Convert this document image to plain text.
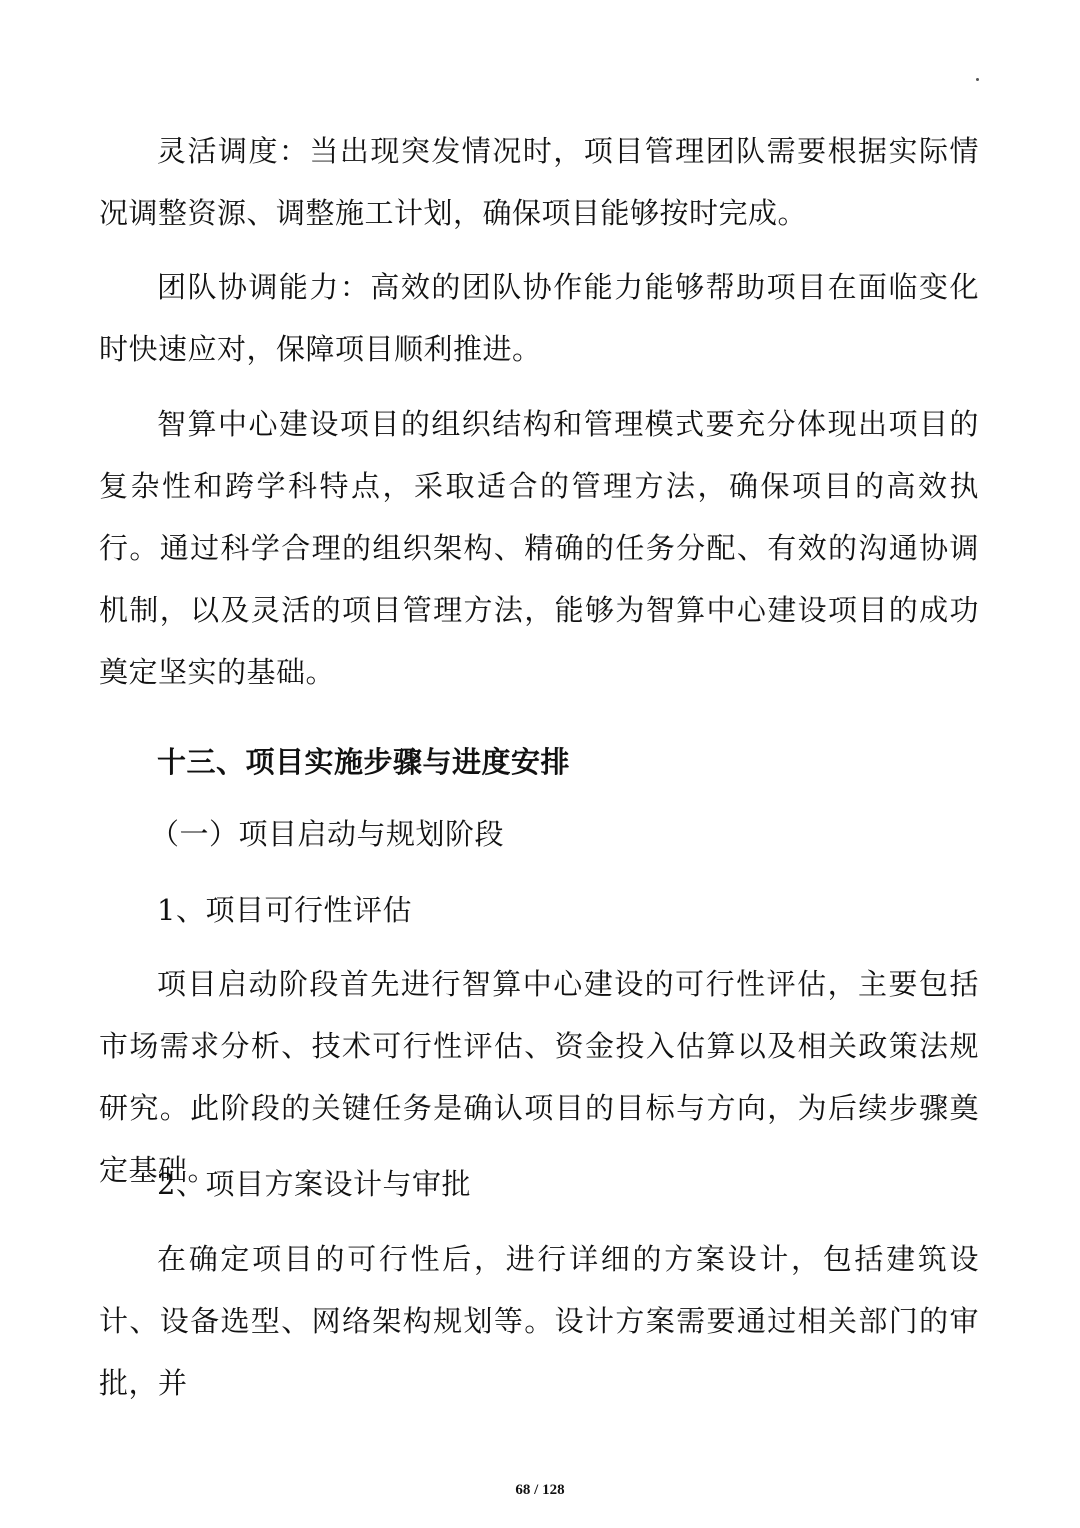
灵活调度：当出现突发情况时，项目管理团队需要根据实际情况调整资源、调整施工计划，确保项目能够按时完成。

团队协调能力：高效的团队协作能力能够帮助项目在面临变化时快速应对，保障项目顺利推进。

智算中心建设项目的组织结构和管理模式要充分体现出项目的复杂性和跨学科特点，采取适合的管理方法，确保项目的高效执行。通过科学合理的组织架构、精确的任务分配、有效的沟通协调机制，以及灵活的项目管理方法，能够为智算中心建设项目的成功奠定坚实的基础。

十三、项目实施步骤与进度安排

（一）项目启动与规划阶段

1、项目可行性评估

项目启动阶段首先进行智算中心建设的可行性评估，主要包括市场需求分析、技术可行性评估、资金投入估算以及相关政策法规研究。此阶段的关键任务是确认项目的目标与方向，为后续步骤奠定基础。

2、项目方案设计与审批

在确定项目的可行性后，进行详细的方案设计，包括建筑设计、设备选型、网络架构规划等。设计方案需要通过相关部门的审批，并

68 / 128
